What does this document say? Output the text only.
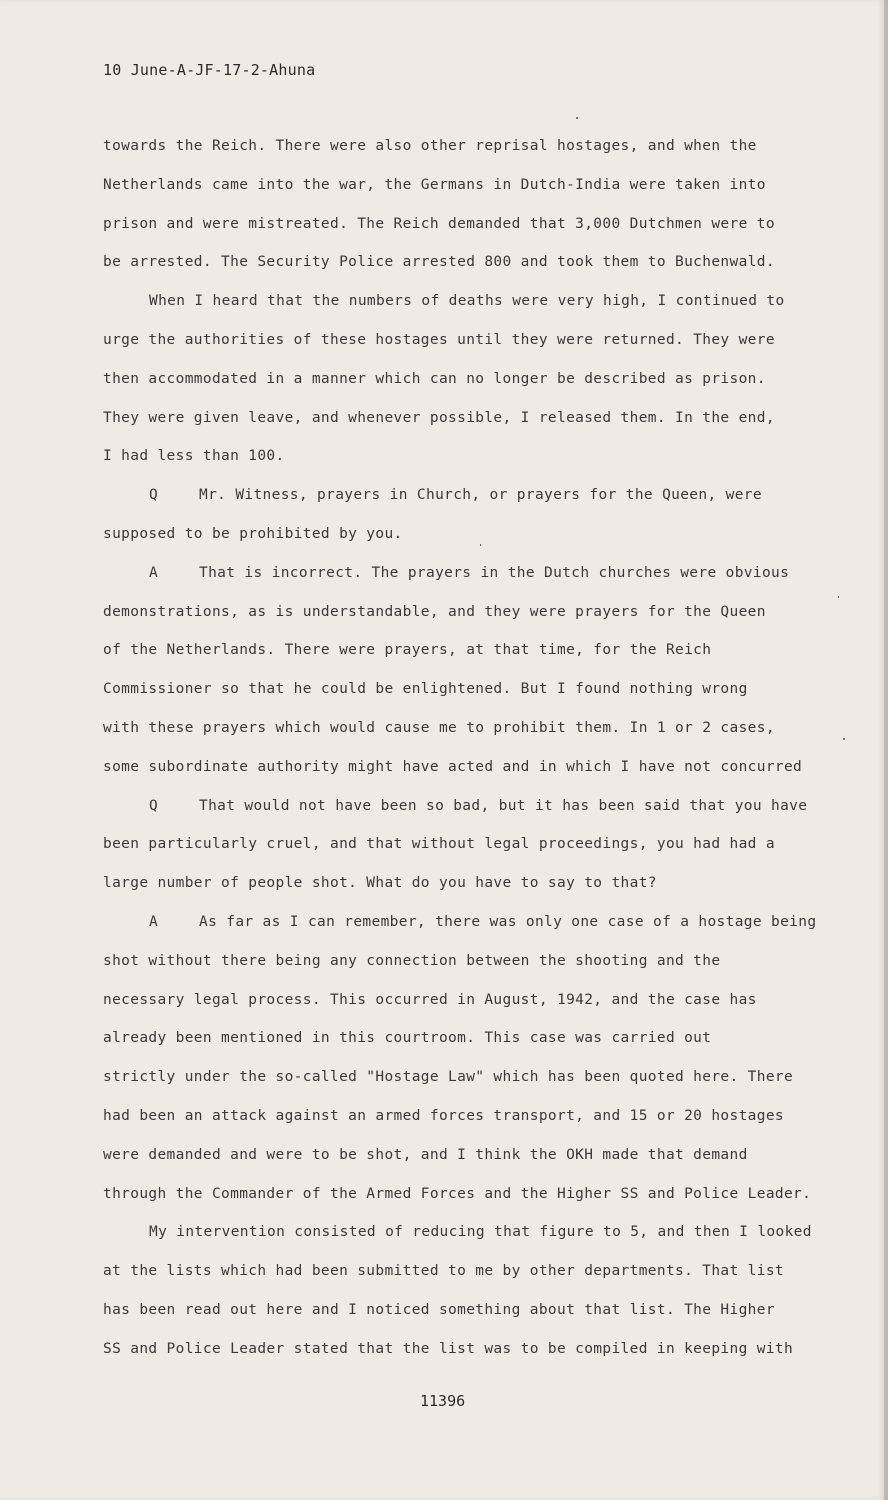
10 June-A-JF-17-2-Ahuna
towards the Reich. There were also other reprisal hostages, and when the
Netherlands came into the war, the Germans in Dutch-India were taken into
prison and were mistreated. The Reich demanded that 3,000 Dutchmen were to
be arrested. The Security Police arrested 800 and took them to Buchenwald.
When I heard that the numbers of deaths were very high, I continued to
urge the authorities of these hostages until they were returned. They were
then accommodated in a manner which can no longer be described as prison.
They were given leave, and whenever possible, I released them. In the end,
I had less than 100.
Q	Mr. Witness, prayers in Church, or prayers for the Queen, were
supposed to be prohibited by you.
A	That is incorrect. The prayers in the Dutch churches were obvious
demonstrations, as is understandable, and they were prayers for the Queen
of the Netherlands. There were prayers, at that time, for the Reich
Commissioner so that he could be enlightened. But I found nothing wrong
with these prayers which would cause me to prohibit them. In 1 or 2 cases,
some subordinate authority might have acted and in which I have not concurred
Q	That would not have been so bad, but it has been said that you have
been particularly cruel, and that without legal proceedings, you had had a
large number of people shot. What do you have to say to that?
A	As far as I can remember, there was only one case of a hostage being
shot without there being any connection between the shooting and the
necessary legal process. This occurred in August, 1942, and the case has
already been mentioned in this courtroom. This case was carried out
strictly under the so-called "Hostage Law" which has been quoted here. There
had been an attack against an armed forces transport, and 15 or 20 hostages
were demanded and were to be shot, and I think the OKH made that demand
through the Commander of the Armed Forces and the Higher SS and Police Leader.
My intervention consisted of reducing that figure to 5, and then I looked
at the lists which had been submitted to me by other departments. That list
has been read out here and I noticed something about that list. The Higher
SS and Police Leader stated that the list was to be compiled in keeping with
11396
